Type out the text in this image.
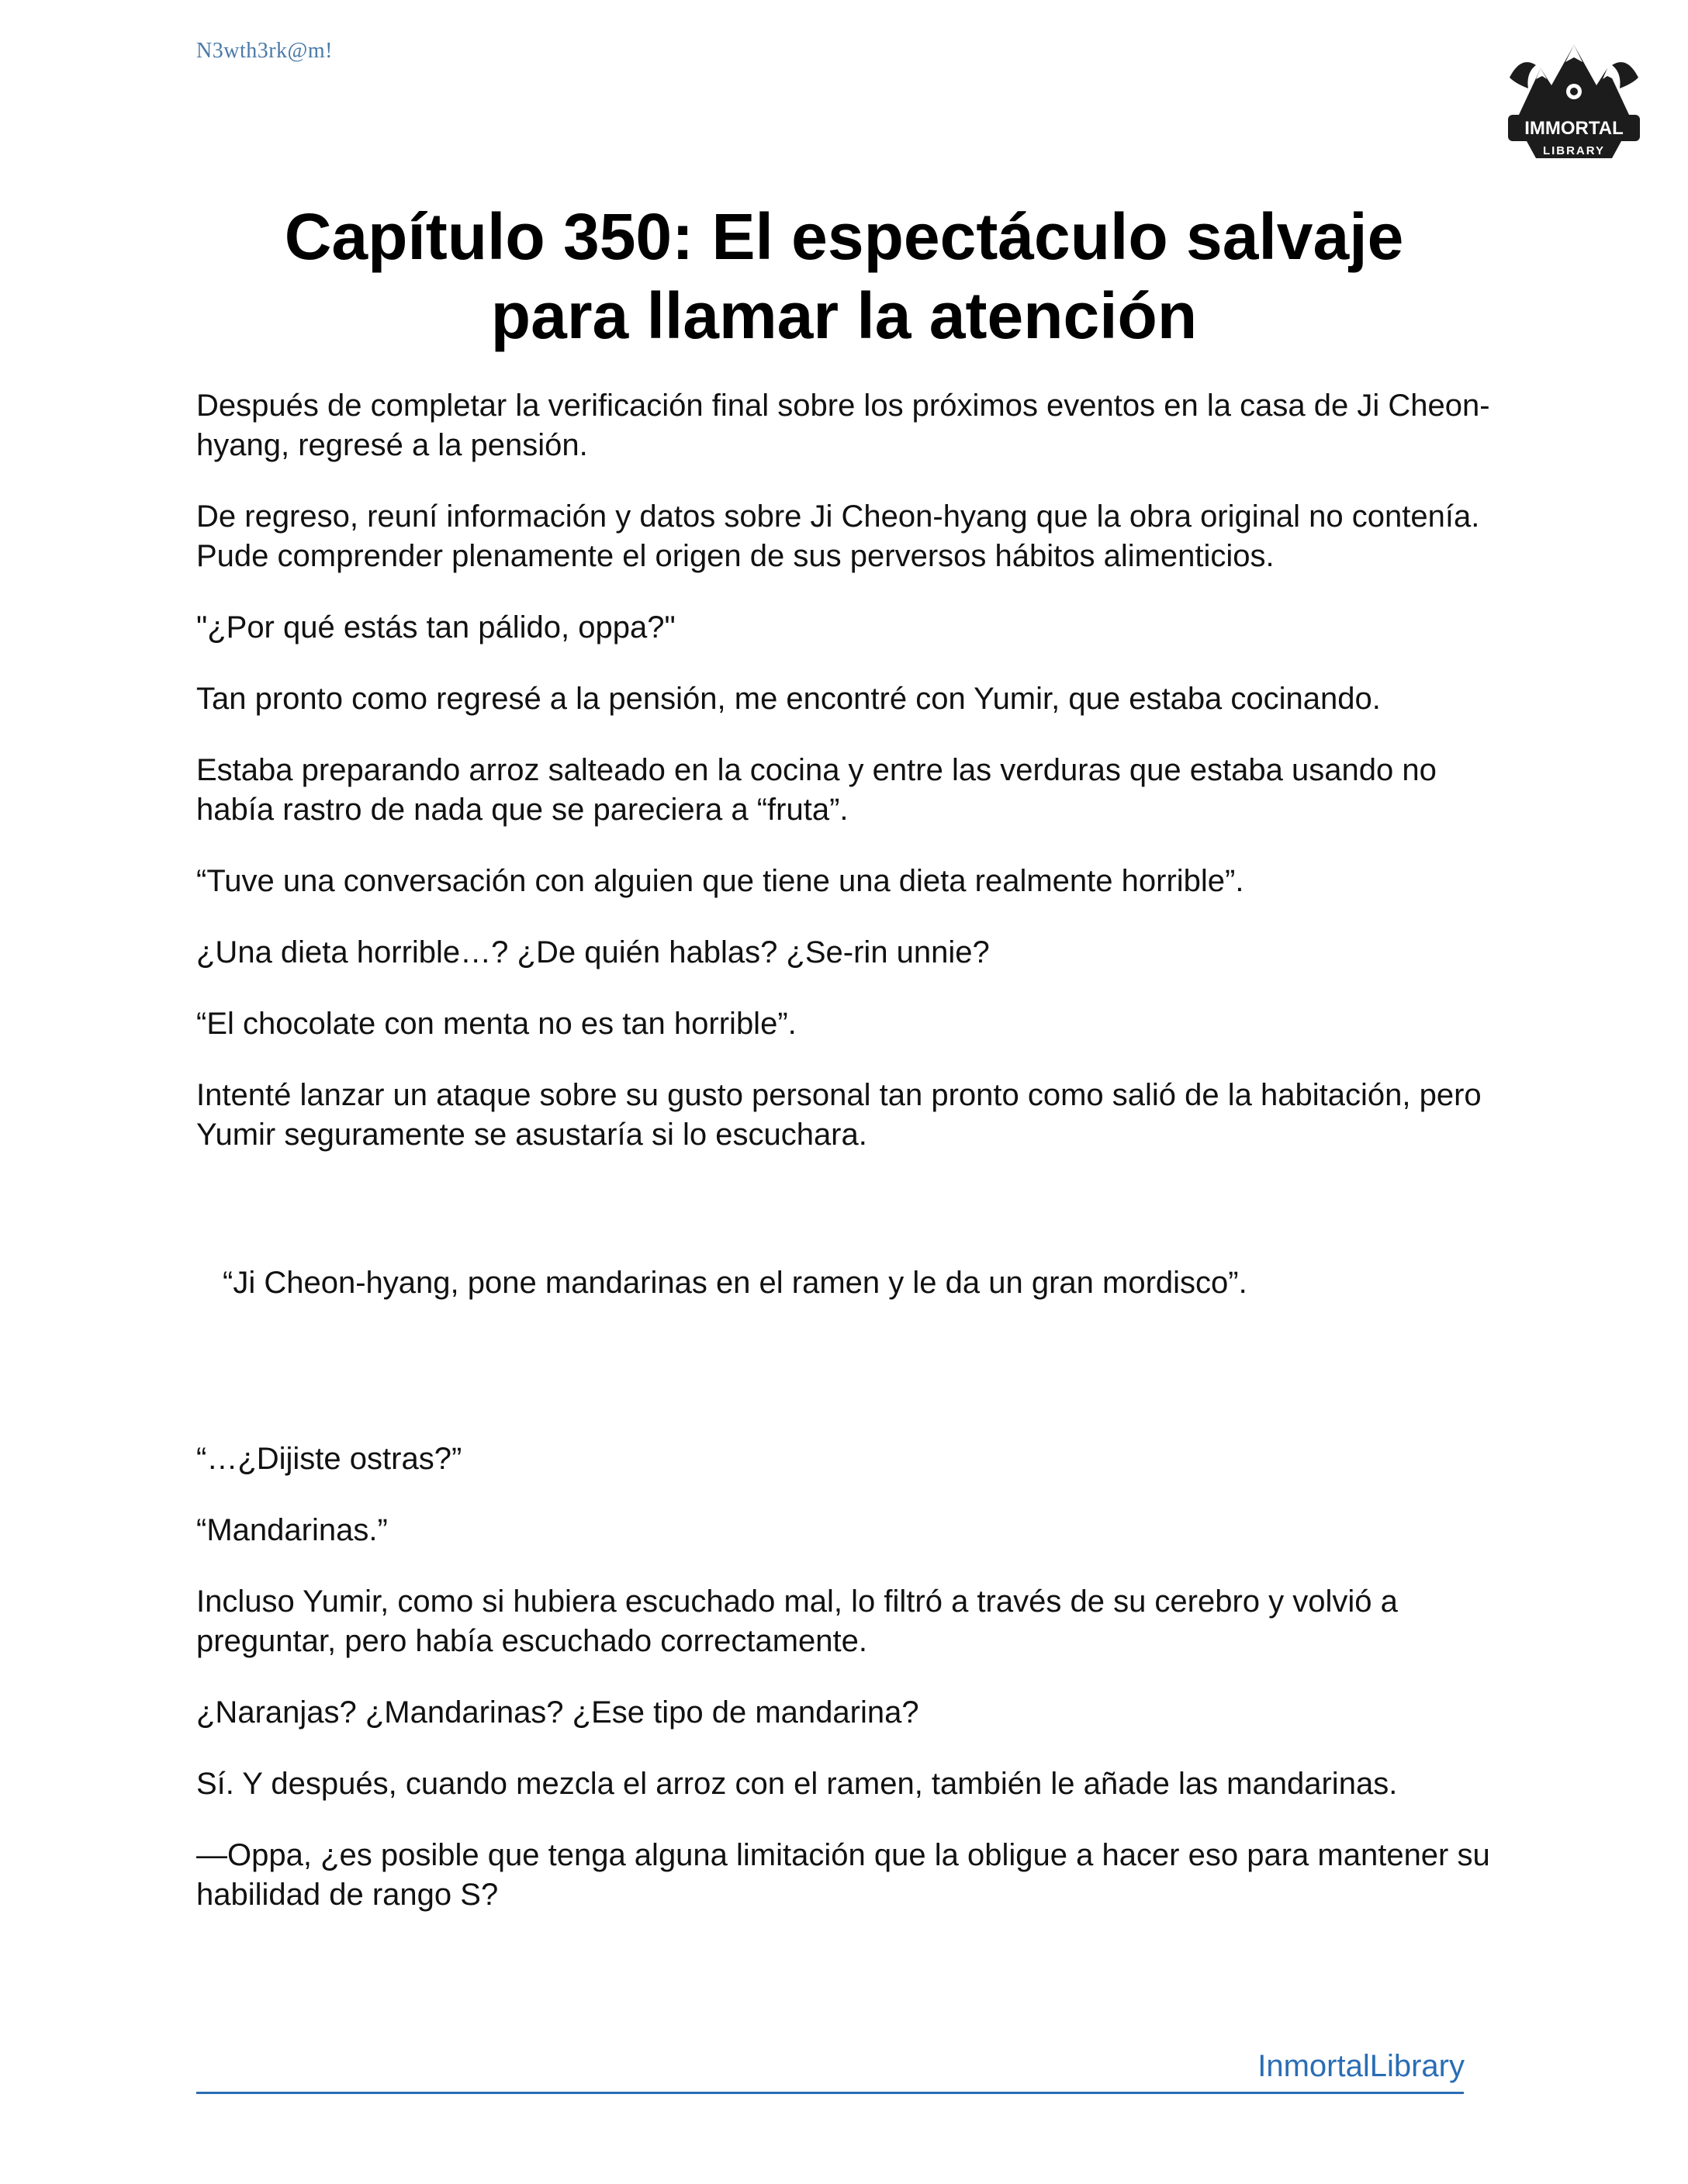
N3wth3rk@m!
IMMORTAL
LIBRARY
Capítulo 350: El espectáculo salvaje
para llamar la atención

Después de completar la verificación final sobre los próximos eventos en la casa de Ji Cheon-hyang, regresé a la pensión.

De regreso, reuní información y datos sobre Ji Cheon-hyang que la obra original no contenía. Pude comprender plenamente el origen de sus perversos hábitos alimenticios.

"¿Por qué estás tan pálido, oppa?"

Tan pronto como regresé a la pensión, me encontré con Yumir, que estaba cocinando.

Estaba preparando arroz salteado en la cocina y entre las verduras que estaba usando no había rastro de nada que se pareciera a “fruta”.

“Tuve una conversación con alguien que tiene una dieta realmente horrible”.

¿Una dieta horrible…? ¿De quién hablas? ¿Se-rin unnie?

“El chocolate con menta no es tan horrible”.

Intenté lanzar un ataque sobre su gusto personal tan pronto como salió de la habitación, pero Yumir seguramente se asustaría si lo escuchara.

“Ji Cheon-hyang, pone mandarinas en el ramen y le da un gran mordisco”.

“…¿Dijiste ostras?”

“Mandarinas.”

Incluso Yumir, como si hubiera escuchado mal, lo filtró a través de su cerebro y volvió a preguntar, pero había escuchado correctamente.

¿Naranjas? ¿Mandarinas? ¿Ese tipo de mandarina?

Sí. Y después, cuando mezcla el arroz con el ramen, también le añade las mandarinas.

—Oppa, ¿es posible que tenga alguna limitación que la obligue a hacer eso para mantener su habilidad de rango S?

InmortalLibrary
